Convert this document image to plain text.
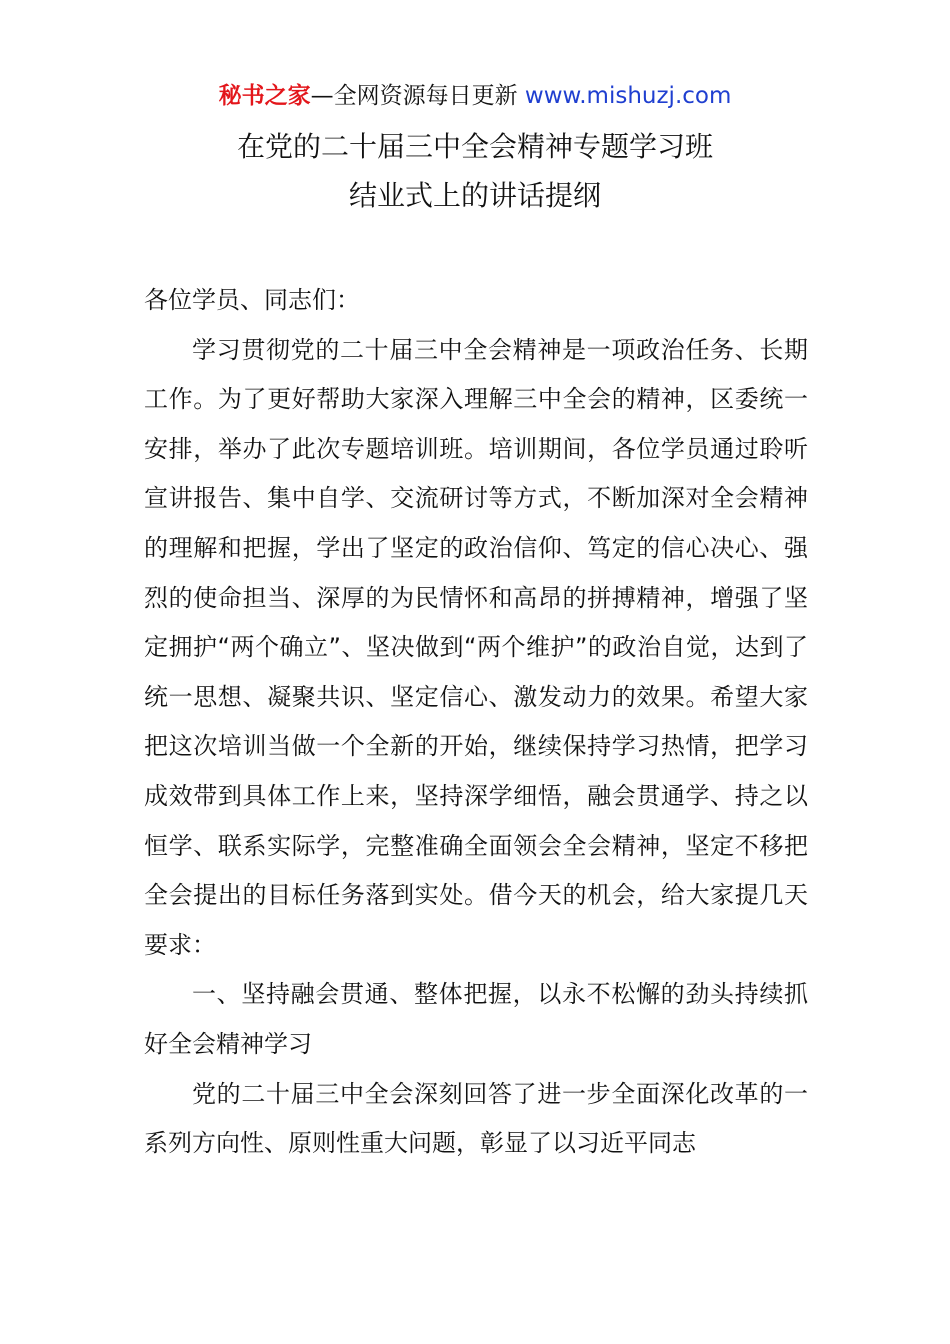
秘书之家—全网资源每日更新 www.mishuzj.com
在党的二十届三中全会精神专题学习班
结业式上的讲话提纲

各位学员、同志们：

学习贯彻党的二十届三中全会精神是一项政治任务、长期工作。为了更好帮助大家深入理解三中全会的精神，区委统一安排，举办了此次专题培训班。培训期间，各位学员通过聆听宣讲报告、集中自学、交流研讨等方式，不断加深对全会精神的理解和把握，学出了坚定的政治信仰、笃定的信心决心、强烈的使命担当、深厚的为民情怀和高昂的拼搏精神，增强了坚定拥护“两个确立”、坚决做到“两个维护”的政治自觉，达到了统一思想、凝聚共识、坚定信心、激发动力的效果。希望大家把这次培训当做一个全新的开始，继续保持学习热情，把学习成效带到具体工作上来，坚持深学细悟，融会贯通学、持之以恒学、联系实际学，完整准确全面领会全会精神，坚定不移把全会提出的目标任务落到实处。借今天的机会，给大家提几天要求：

一、坚持融会贯通、整体把握，以永不松懈的劲头持续抓好全会精神学习

党的二十届三中全会深刻回答了进一步全面深化改革的一系列方向性、原则性重大问题，彰显了以习近平同志
